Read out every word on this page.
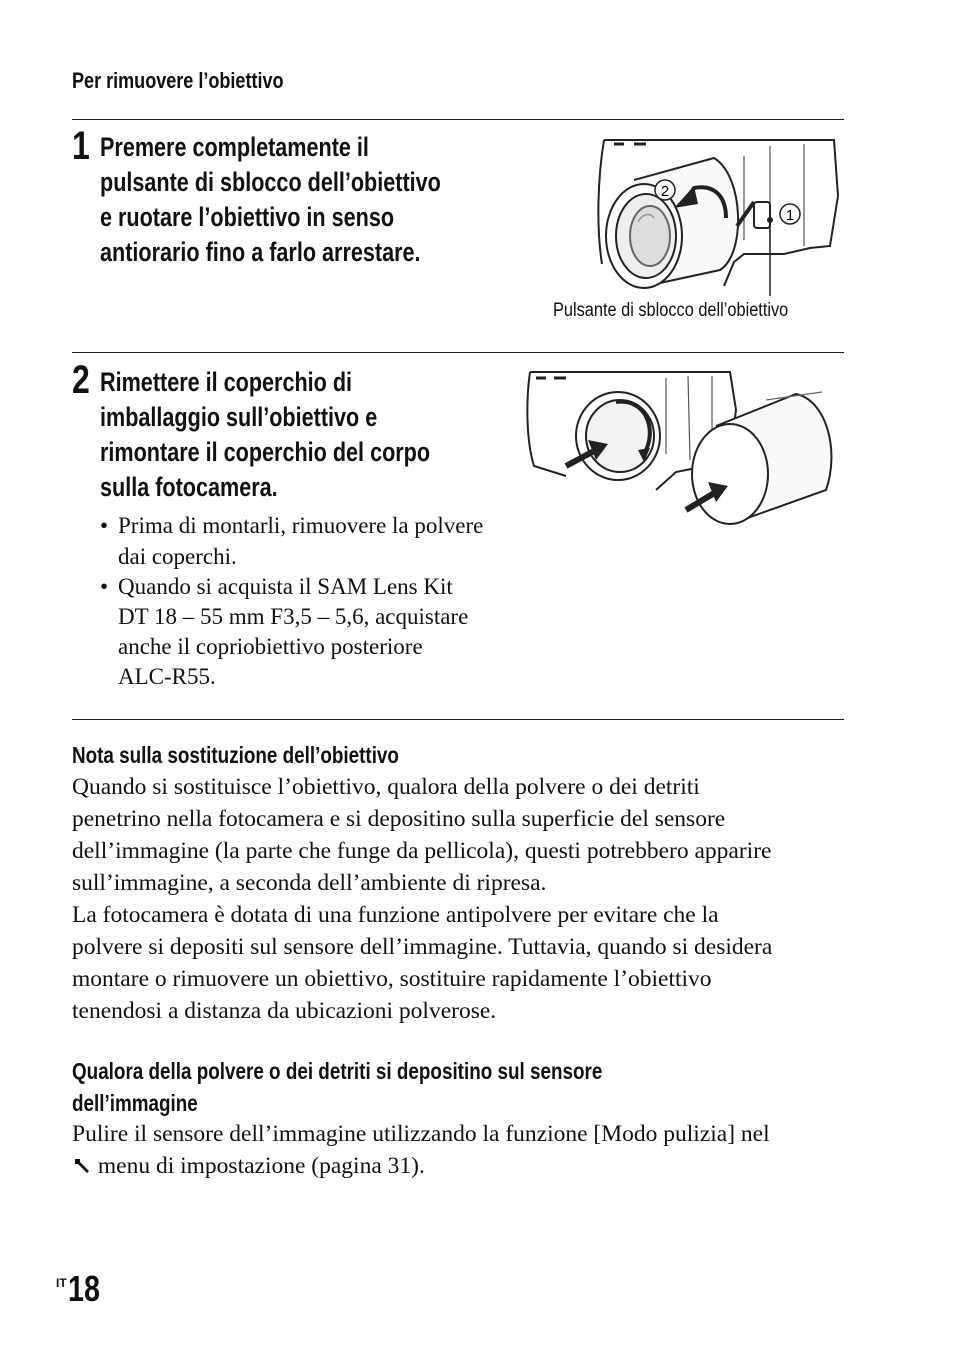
Per rimuovere l’obiettivo
1 Premere completamente il
pulsante di sblocco dell’obiettivo
e ruotare l’obiettivo in senso
antiorario fino a farlo arrestare.
2
1
Pulsante di sblocco dell’obiettivo
2 Rimettere il coperchio di
imballaggio sull’obiettivo e
rimontare il coperchio del corpo
sulla fotocamera.
• Prima di montarli, rimuovere la polvere
dai coperchi.
• Quando si acquista il SAM Lens Kit
DT 18 – 55 mm F3,5 – 5,6, acquistare
anche il copriobiettivo posteriore
ALC-R55.
Nota sulla sostituzione dell’obiettivo
Quando si sostituisce l’obiettivo, qualora della polvere o dei detriti
penetrino nella fotocamera e si depositino sulla superficie del sensore
dell’immagine (la parte che funge da pellicola), questi potrebbero apparire
sull’immagine, a seconda dell’ambiente di ripresa.
La fotocamera è dotata di una funzione antipolvere per evitare che la
polvere si depositi sul sensore dell’immagine. Tuttavia, quando si desidera
montare o rimuovere un obiettivo, sostituire rapidamente l’obiettivo
tenendosi a distanza da ubicazioni polverose.
Qualora della polvere o dei detriti si depositino sul sensore
dell’immagine
Pulire il sensore dell’immagine utilizzando la funzione [Modo pulizia] nel
menu di impostazione (pagina 31).
IT 18
